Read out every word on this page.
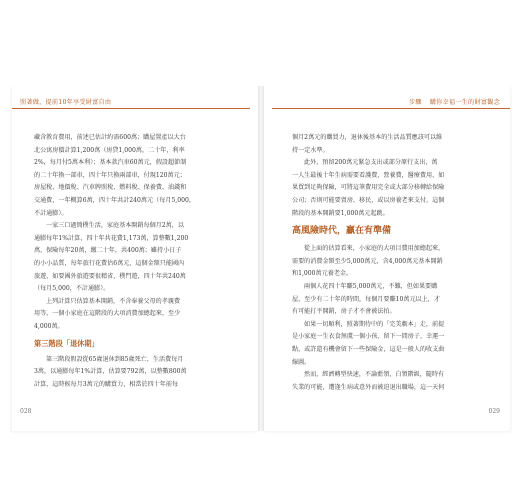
照著做，提前10年享受財富自由

藏含教育費用，前述已估計約需600萬；購屋置產以大台

北公寓房價計算1,200萬（房貸1,000萬，二十年，利率

2%，每月付5萬本利）；基本款汽車60萬元，假設超節制

的二十年換一部車，四十年只換兩部車，付現120萬元；

房屋稅、地價稅、汽車牌照稅、燃料稅、保養費、油錢和

交通費，一年概算6萬，四十年共計240萬元（每月5,000，

不計通膨）。

一家三口過簡樸生活，家庭基本開銷每個月2萬，以

通膨每年1%計算，四十年共花費1,173萬，算整數1,200

萬，保險每年20萬，繳二十年，共400萬；雖持小日子

的小小品質，每年旅行花費估6萬元，這個金額只能國內

旅遊，如要國外旅遊要很精省，樸門遊，四十年共240萬

（每月5,000，不計通膨）。

上列計算只估算基本開銷，不含奉養父母的孝親費

用等，一個小家庭在這階段的大項消費加總起來，至少

4,000萬。

第三階段「退休期」

第三階段假設從65歲退休到85歲死亡，生活費每月

3萬，以通膨每年1%計算，估算要792萬，以整數800萬

計算，這時候每月3萬元的購買力，相當於四十年前每

028
步驟 購你幸福一生的財富觀念

個月2萬元的購買力，退休後基本的生活品質應該可以維

持一定水準。

此外，預留200萬元緊急支出或部分原行支出，萬

一人生最後十年生病需要看護費，營養費，醫療費用，如

果買到足夠保險，可將這筆費用完全或大部分移轉給保險

公司；否則可能要賣房、移民，或以房養老來支付，這個

階段的基本開銷要1,000萬元起跳。

高風險時代，贏在有準備

從上面的估算看來，小家庭的大項目費用加總起來，

需要的消費金額至少5,000萬元，含4,000萬元基本開銷

和1,000萬元養老金。

兩個人花四十年賺5,000萬元，不難，但如果要購

屋，至少有二十年的時間，每個月要賺10萬元以上，才

有可能打平開銷，房子才不會被法拍。

如果一切順利，照著期待中的「完美劇本」走，前提

是小家庭一生衣食無虞一個小孩，留下一間房子，幸運一

點，或許還有機會留下一些保險金，這是一般人的收支曲

線圖。

然而，經濟轉型快速，不論藍領，白領階級，隨時有

失業的可能，遭逢生病或意外而被迫退出職場，這一天何

029
